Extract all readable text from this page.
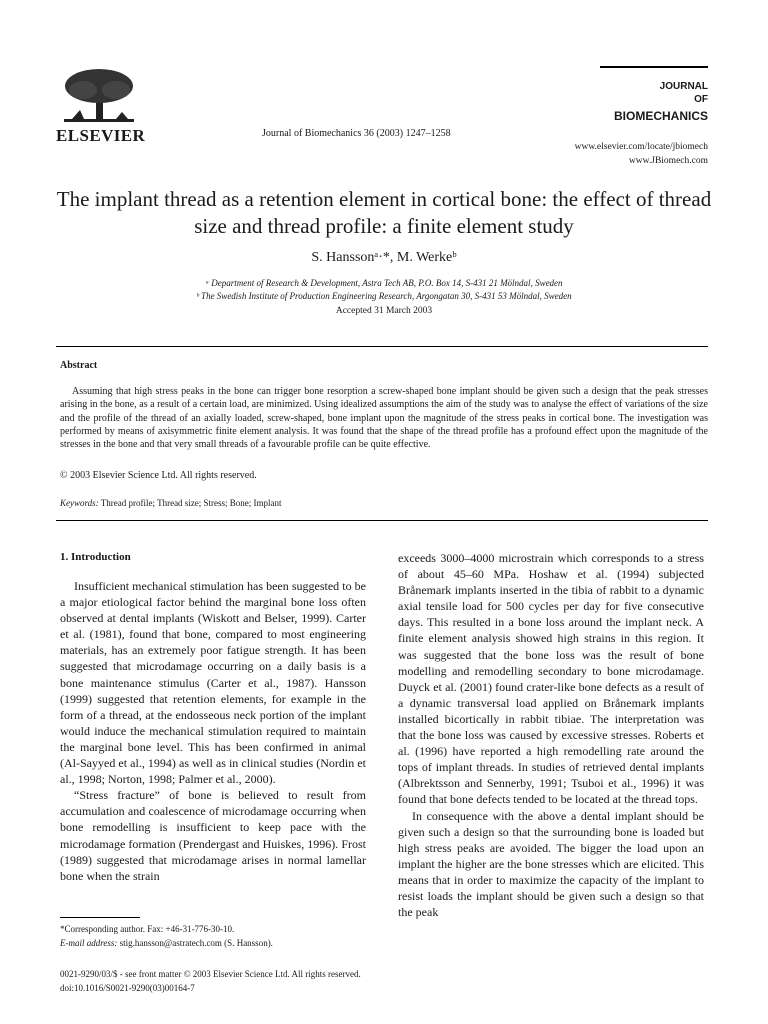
ELSEVIER	Journal of Biomechanics 36 (2003) 1247–1258
JOURNAL
OF
BIOMECHANICS
www.elsevier.com/locate/jbiomech
www.JBiomech.com
The implant thread as a retention element in cortical bone: the effect of thread size and thread profile: a finite element study
S. Hanssonᵃ·*, M. Werkeᵇ
ᵃ Department of Research & Development, Astra Tech AB, P.O. Box 14, S-431 21 Mölndal, Sweden
ᵇ The Swedish Institute of Production Engineering Research, Argongatan 30, S-431 53 Mölndal, Sweden
Accepted 31 March 2003
Abstract

Assuming that high stress peaks in the bone can trigger bone resorption a screw-shaped bone implant should be given such a design that the peak stresses arising in the bone, as a result of a certain load, are minimized. Using idealized assumptions the aim of the study was to analyse the effect of variations of the size and the profile of the thread of an axially loaded, screw-shaped, bone implant upon the magnitude of the stress peaks in cortical bone. The investigation was performed by means of axisymmetric finite element analysis. It was found that the shape of the thread profile has a profound effect upon the magnitude of the stresses in the bone and that very small threads of a favourable profile can be quite effective.

© 2003 Elsevier Science Ltd. All rights reserved.
Keywords: Thread profile; Thread size; Stress; Bone; Implant
1. Introduction

Insufficient mechanical stimulation has been suggested to be a major etiological factor behind the marginal bone loss often observed at dental implants (Wiskott and Belser, 1999). Carter et al. (1981), found that bone, compared to most engineering materials, has an extremely poor fatigue strength. It has been suggested that microdamage occurring on a daily basis is a bone maintenance stimulus (Carter et al., 1987). Hansson (1999) suggested that retention elements, for example in the form of a thread, at the endosseous neck portion of the implant would induce the mechanical stimulation required to maintain the marginal bone level. This has been confirmed in animal (Al-Sayyed et al., 1994) as well as in clinical studies (Nordin et al., 1998; Norton, 1998; Palmer et al., 2000).

“Stress fracture” of bone is believed to result from accumulation and coalescence of microdamage occurring when bone remodelling is insufficient to keep pace with the microdamage formation (Prendergast and Huiskes, 1996). Frost (1989) suggested that microdamage arises in normal lamellar bone when the strain

exceeds 3000–4000 microstrain which corresponds to a stress of about 45–60 MPa. Hoshaw et al. (1994) subjected Brånemark implants inserted in the tibia of rabbit to a dynamic axial tensile load for 500 cycles per day for five consecutive days. This resulted in a bone loss around the implant neck. A finite element analysis showed high strains in this region. It was suggested that the bone loss was the result of bone modelling and remodelling secondary to bone microdamage. Duyck et al. (2001) found crater-like bone defects as a result of a dynamic transversal load applied on Brånemark implants installed bicortically in rabbit tibiae. The interpretation was that the bone loss was caused by excessive stresses. Roberts et al. (1996) have reported a high remodelling rate around the tops of implant threads. In studies of retrieved dental implants (Albrektsson and Sennerby, 1991; Tsuboi et al., 1996) it was found that bone defects tended to be located at the thread tops.

In consequence with the above a dental implant should be given such a design so that the surrounding bone is loaded but high stress peaks are avoided. The bigger the load upon an implant the higher are the bone stresses which are elicited. This means that in order to maximize the capacity of the implant to resist loads the implant should be given such a design so that the peak

*Corresponding author. Fax: +46-31-776-30-10.
E-mail address: stig.hansson@astratech.com (S. Hansson).
0021-9290/03/$ - see front matter © 2003 Elsevier Science Ltd. All rights reserved.
doi:10.1016/S0021-9290(03)00164-7
